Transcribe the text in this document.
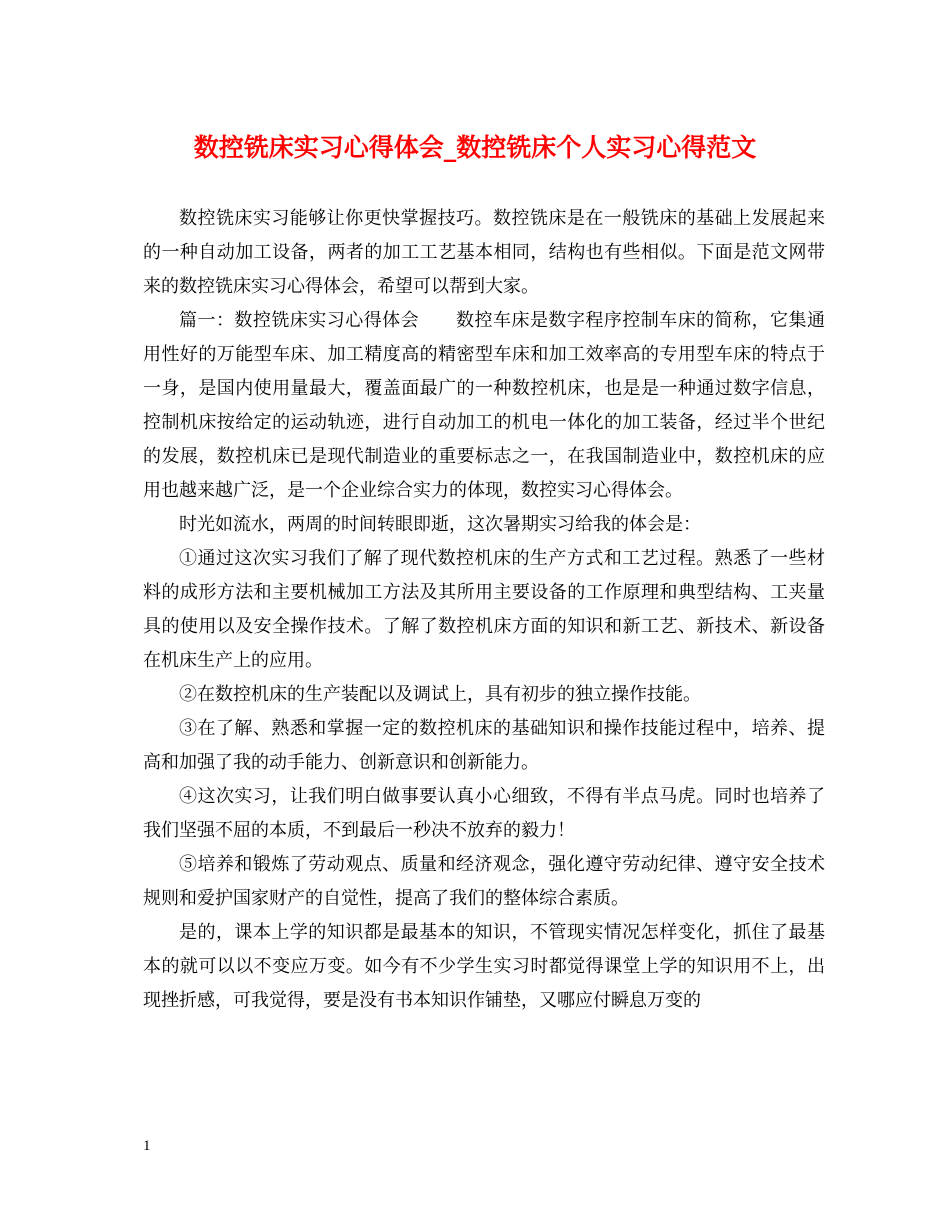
数控铣床实习心得体会_数控铣床个人实习心得范文

数控铣床实习能够让你更快掌握技巧。数控铣床是在一般铣床的基础上发展起来的一种自动加工设备，两者的加工工艺基本相同，结构也有些相似。下面是范文网带来的数控铣床实习心得体会，希望可以帮到大家。

篇一：数控铣床实习心得体会　　数控车床是数字程序控制车床的简称，它集通用性好的万能型车床、加工精度高的精密型车床和加工效率高的专用型车床的特点于一身，是国内使用量最大，覆盖面最广的一种数控机床，也是是一种通过数字信息，控制机床按给定的运动轨迹，进行自动加工的机电一体化的加工装备，经过半个世纪的发展，数控机床已是现代制造业的重要标志之一，在我国制造业中，数控机床的应用也越来越广泛，是一个企业综合实力的体现，数控实习心得体会。

时光如流水，两周的时间转眼即逝，这次暑期实习给我的体会是：

①通过这次实习我们了解了现代数控机床的生产方式和工艺过程。熟悉了一些材料的成形方法和主要机械加工方法及其所用主要设备的工作原理和典型结构、工夹量具的使用以及安全操作技术。了解了数控机床方面的知识和新工艺、新技术、新设备在机床生产上的应用。

②在数控机床的生产装配以及调试上，具有初步的独立操作技能。

③在了解、熟悉和掌握一定的数控机床的基础知识和操作技能过程中，培养、提高和加强了我的动手能力、创新意识和创新能力。

④这次实习，让我们明白做事要认真小心细致，不得有半点马虎。同时也培养了我们坚强不屈的本质，不到最后一秒决不放弃的毅力！

⑤培养和锻炼了劳动观点、质量和经济观念，强化遵守劳动纪律、遵守安全技术规则和爱护国家财产的自觉性，提高了我们的整体综合素质。

是的，课本上学的知识都是最基本的知识，不管现实情况怎样变化，抓住了最基本的就可以以不变应万变。如今有不少学生实习时都觉得课堂上学的知识用不上，出现挫折感，可我觉得，要是没有书本知识作铺垫，又哪应付瞬息万变的

1
